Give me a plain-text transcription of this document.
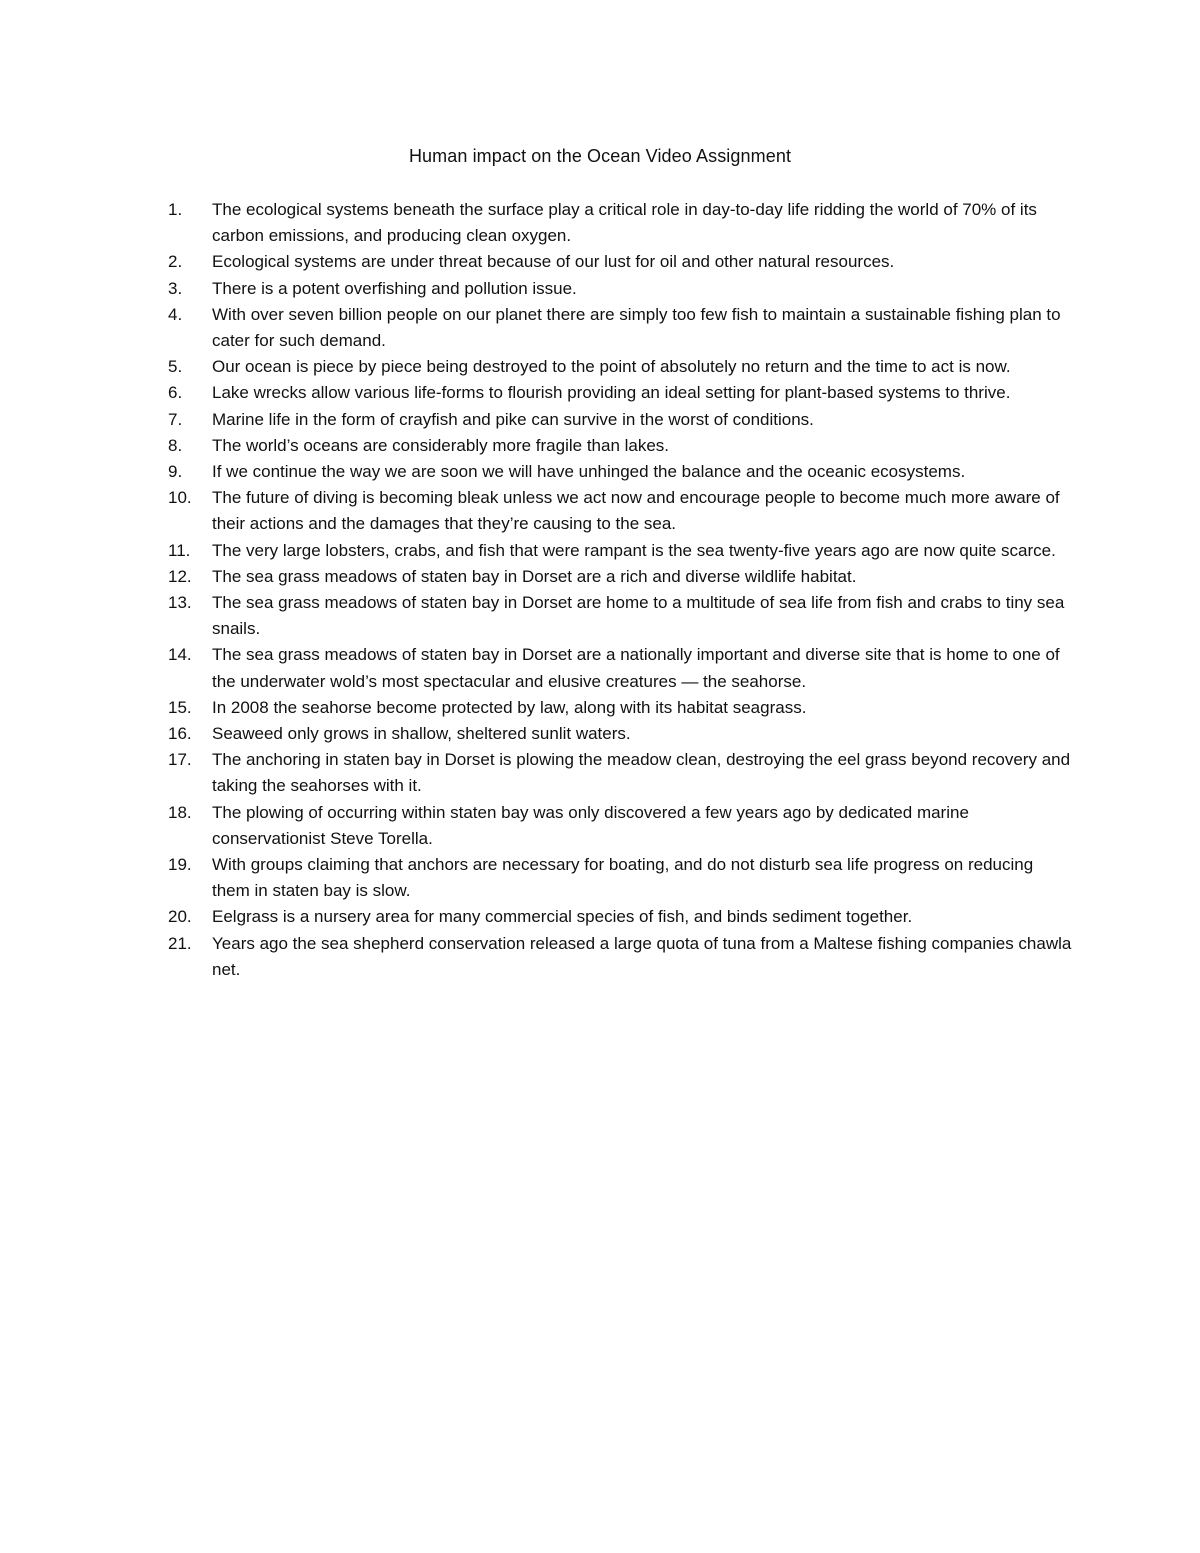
Human impact on the Ocean Video Assignment
1.	The ecological systems beneath the surface play a critical role in day-to-day life ridding the world of 70% of its carbon emissions, and producing clean oxygen.
2.	Ecological systems are under threat because of our lust for oil and other natural resources.
3.	There is a potent overfishing and pollution issue.
4.	With over seven billion people on our planet there are simply too few fish to maintain a sustainable fishing plan to cater for such demand.
5.	Our ocean is piece by piece being destroyed to the point of absolutely no return and the time to act is now.
6.	Lake wrecks allow various life-forms to flourish providing an ideal setting for plant-based systems to thrive.
7.	Marine life in the form of crayfish and pike can survive in the worst of conditions.
8.	The world’s oceans are considerably more fragile than lakes.
9.	If we continue the way we are soon we will have unhinged the balance and the oceanic ecosystems.
10.	The future of diving is becoming bleak unless we act now and encourage people to become much more aware of their actions and the damages that they’re causing to the sea.
11.	The very large lobsters, crabs, and fish that were rampant is the sea twenty-five years ago are now quite scarce.
12.	The sea grass meadows of staten bay in Dorset are a rich and diverse wildlife habitat.
13.	The sea grass meadows of staten bay in Dorset are home to a multitude of sea life from fish and crabs to tiny sea snails.
14.	The sea grass meadows of staten bay in Dorset are a nationally important and diverse site that is home to one of the underwater wold’s most spectacular and elusive creatures — the seahorse.
15.	In 2008 the seahorse become protected by law, along with its habitat seagrass.
16.	Seaweed only grows in shallow, sheltered sunlit waters.
17.	The anchoring in staten bay in Dorset is plowing the meadow clean, destroying the eel grass beyond recovery and taking the seahorses with it.
18.	The plowing of occurring within staten bay was only discovered a few years ago by dedicated marine conservationist Steve Torella.
19.	With groups claiming that anchors are necessary for boating, and do not disturb sea life progress on reducing them in staten bay is slow.
20.	Eelgrass is a nursery area for many commercial species of fish, and binds sediment together.
21.	Years ago the sea shepherd conservation released a large quota of tuna from a Maltese fishing companies chawla net.
